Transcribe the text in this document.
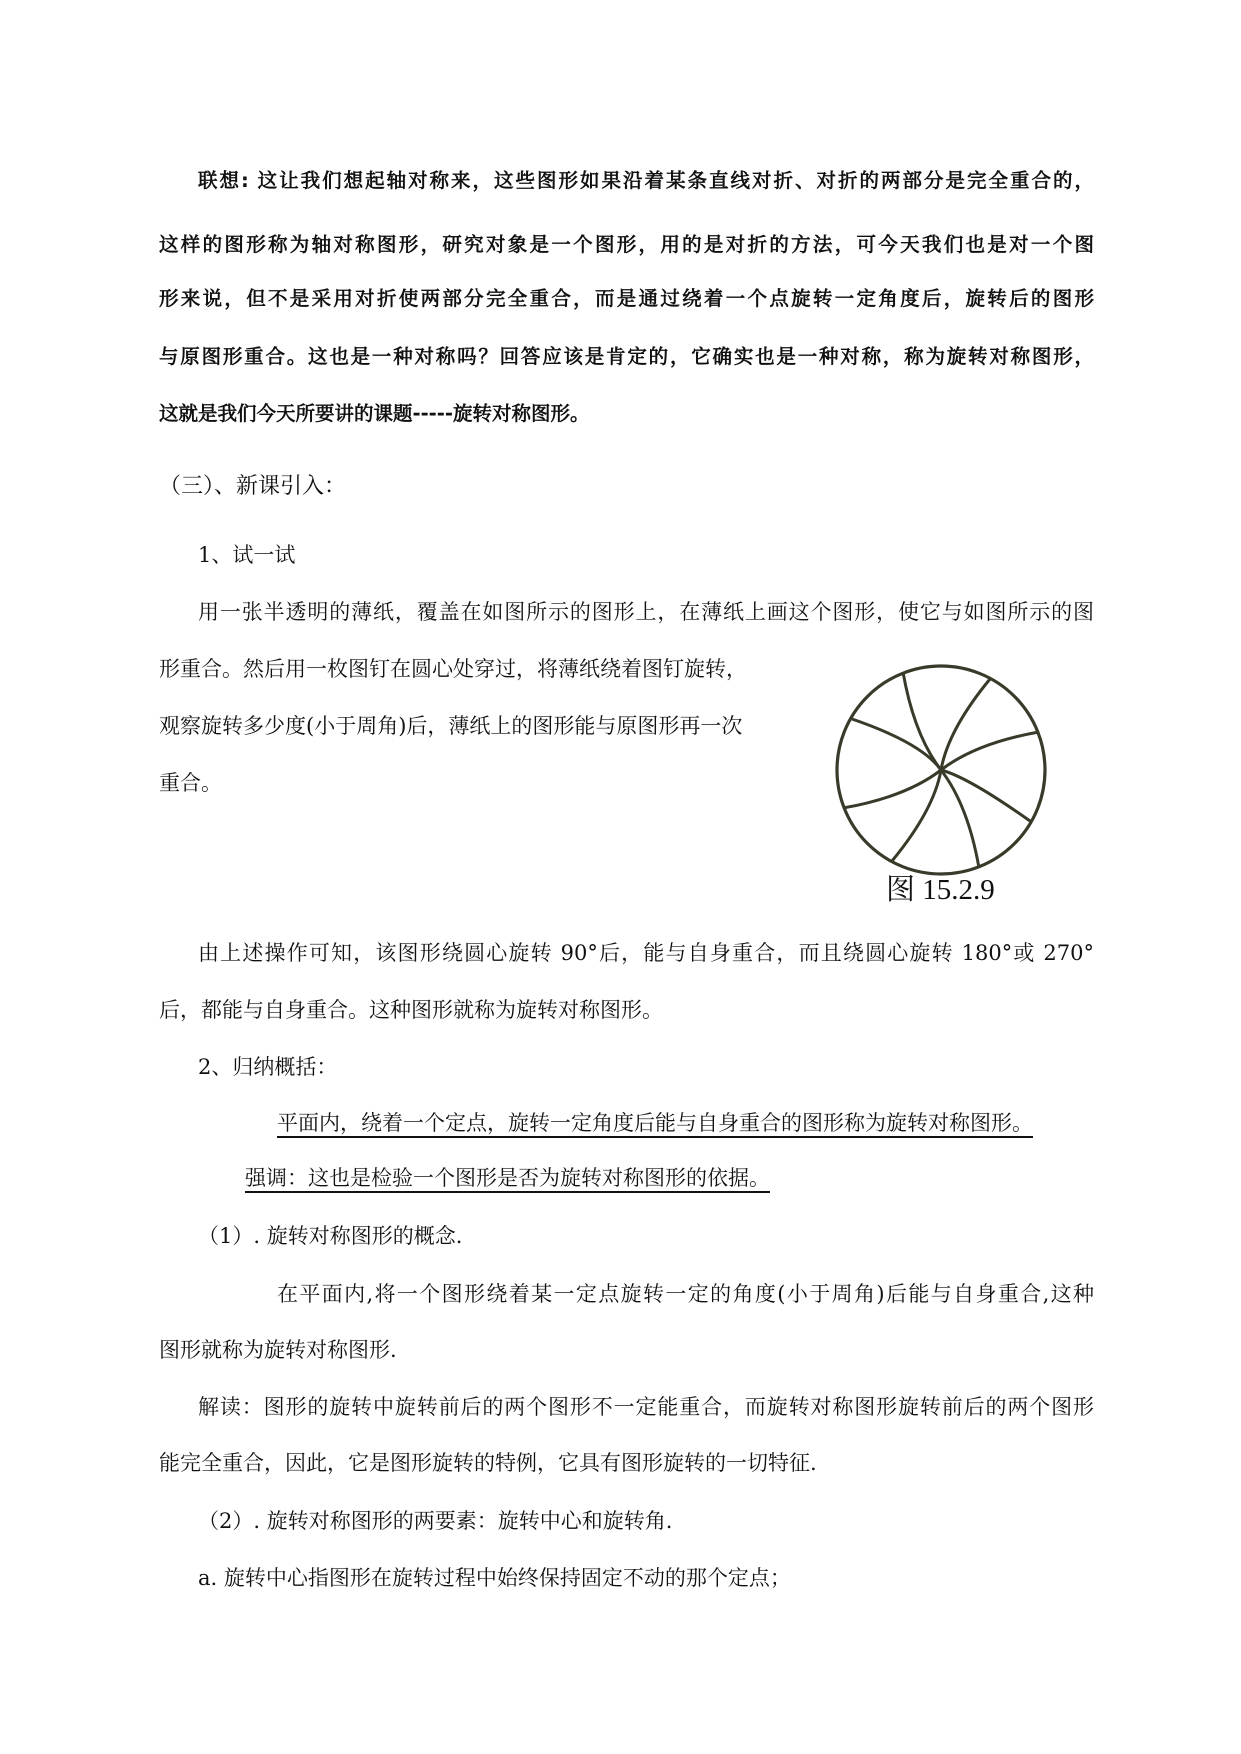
联想: 这让我们想起轴对称来，这些图形如果沿着某条直线对折、对折的两部分是完全重合的，
这样的图形称为轴对称图形，研究对象是一个图形，用的是对折的方法，可今天我们也是对一个图
形来说，但不是采用对折使两部分完全重合，而是通过绕着一个点旋转一定角度后，旋转后的图形
与原图形重合。这也是一种对称吗？回答应该是肯定的，它确实也是一种对称，称为旋转对称图形，
这就是我们今天所要讲的课题-----旋转对称图形。
（三）、新课引入：
1、试一试
用一张半透明的薄纸，覆盖在如图所示的图形上，在薄纸上画这个图形，使它与如图所示的图
形重合。然后用一枚图钉在圆心处穿过，将薄纸绕着图钉旋转，
观察旋转多少度(小于周角)后，薄纸上的图形能与原图形再一次
重合。
图 15.2.9
由上述操作可知，该图形绕圆心旋转 90°后，能与自身重合，而且绕圆心旋转 180°或 270°
后，都能与自身重合。这种图形就称为旋转对称图形。
2、归纳概括：
平面内，绕着一个定点，旋转一定角度后能与自身重合的图形称为旋转对称图形。
强调：这也是检验一个图形是否为旋转对称图形的依据。
（1）. 旋转对称图形的概念.
在平面内,将一个图形绕着某一定点旋转一定的角度(小于周角)后能与自身重合,这种
图形就称为旋转对称图形.
解读：图形的旋转中旋转前后的两个图形不一定能重合，而旋转对称图形旋转前后的两个图形
能完全重合，因此，它是图形旋转的特例，它具有图形旋转的一切特征.
（2）. 旋转对称图形的两要素：旋转中心和旋转角.
a. 旋转中心指图形在旋转过程中始终保持固定不动的那个定点；
